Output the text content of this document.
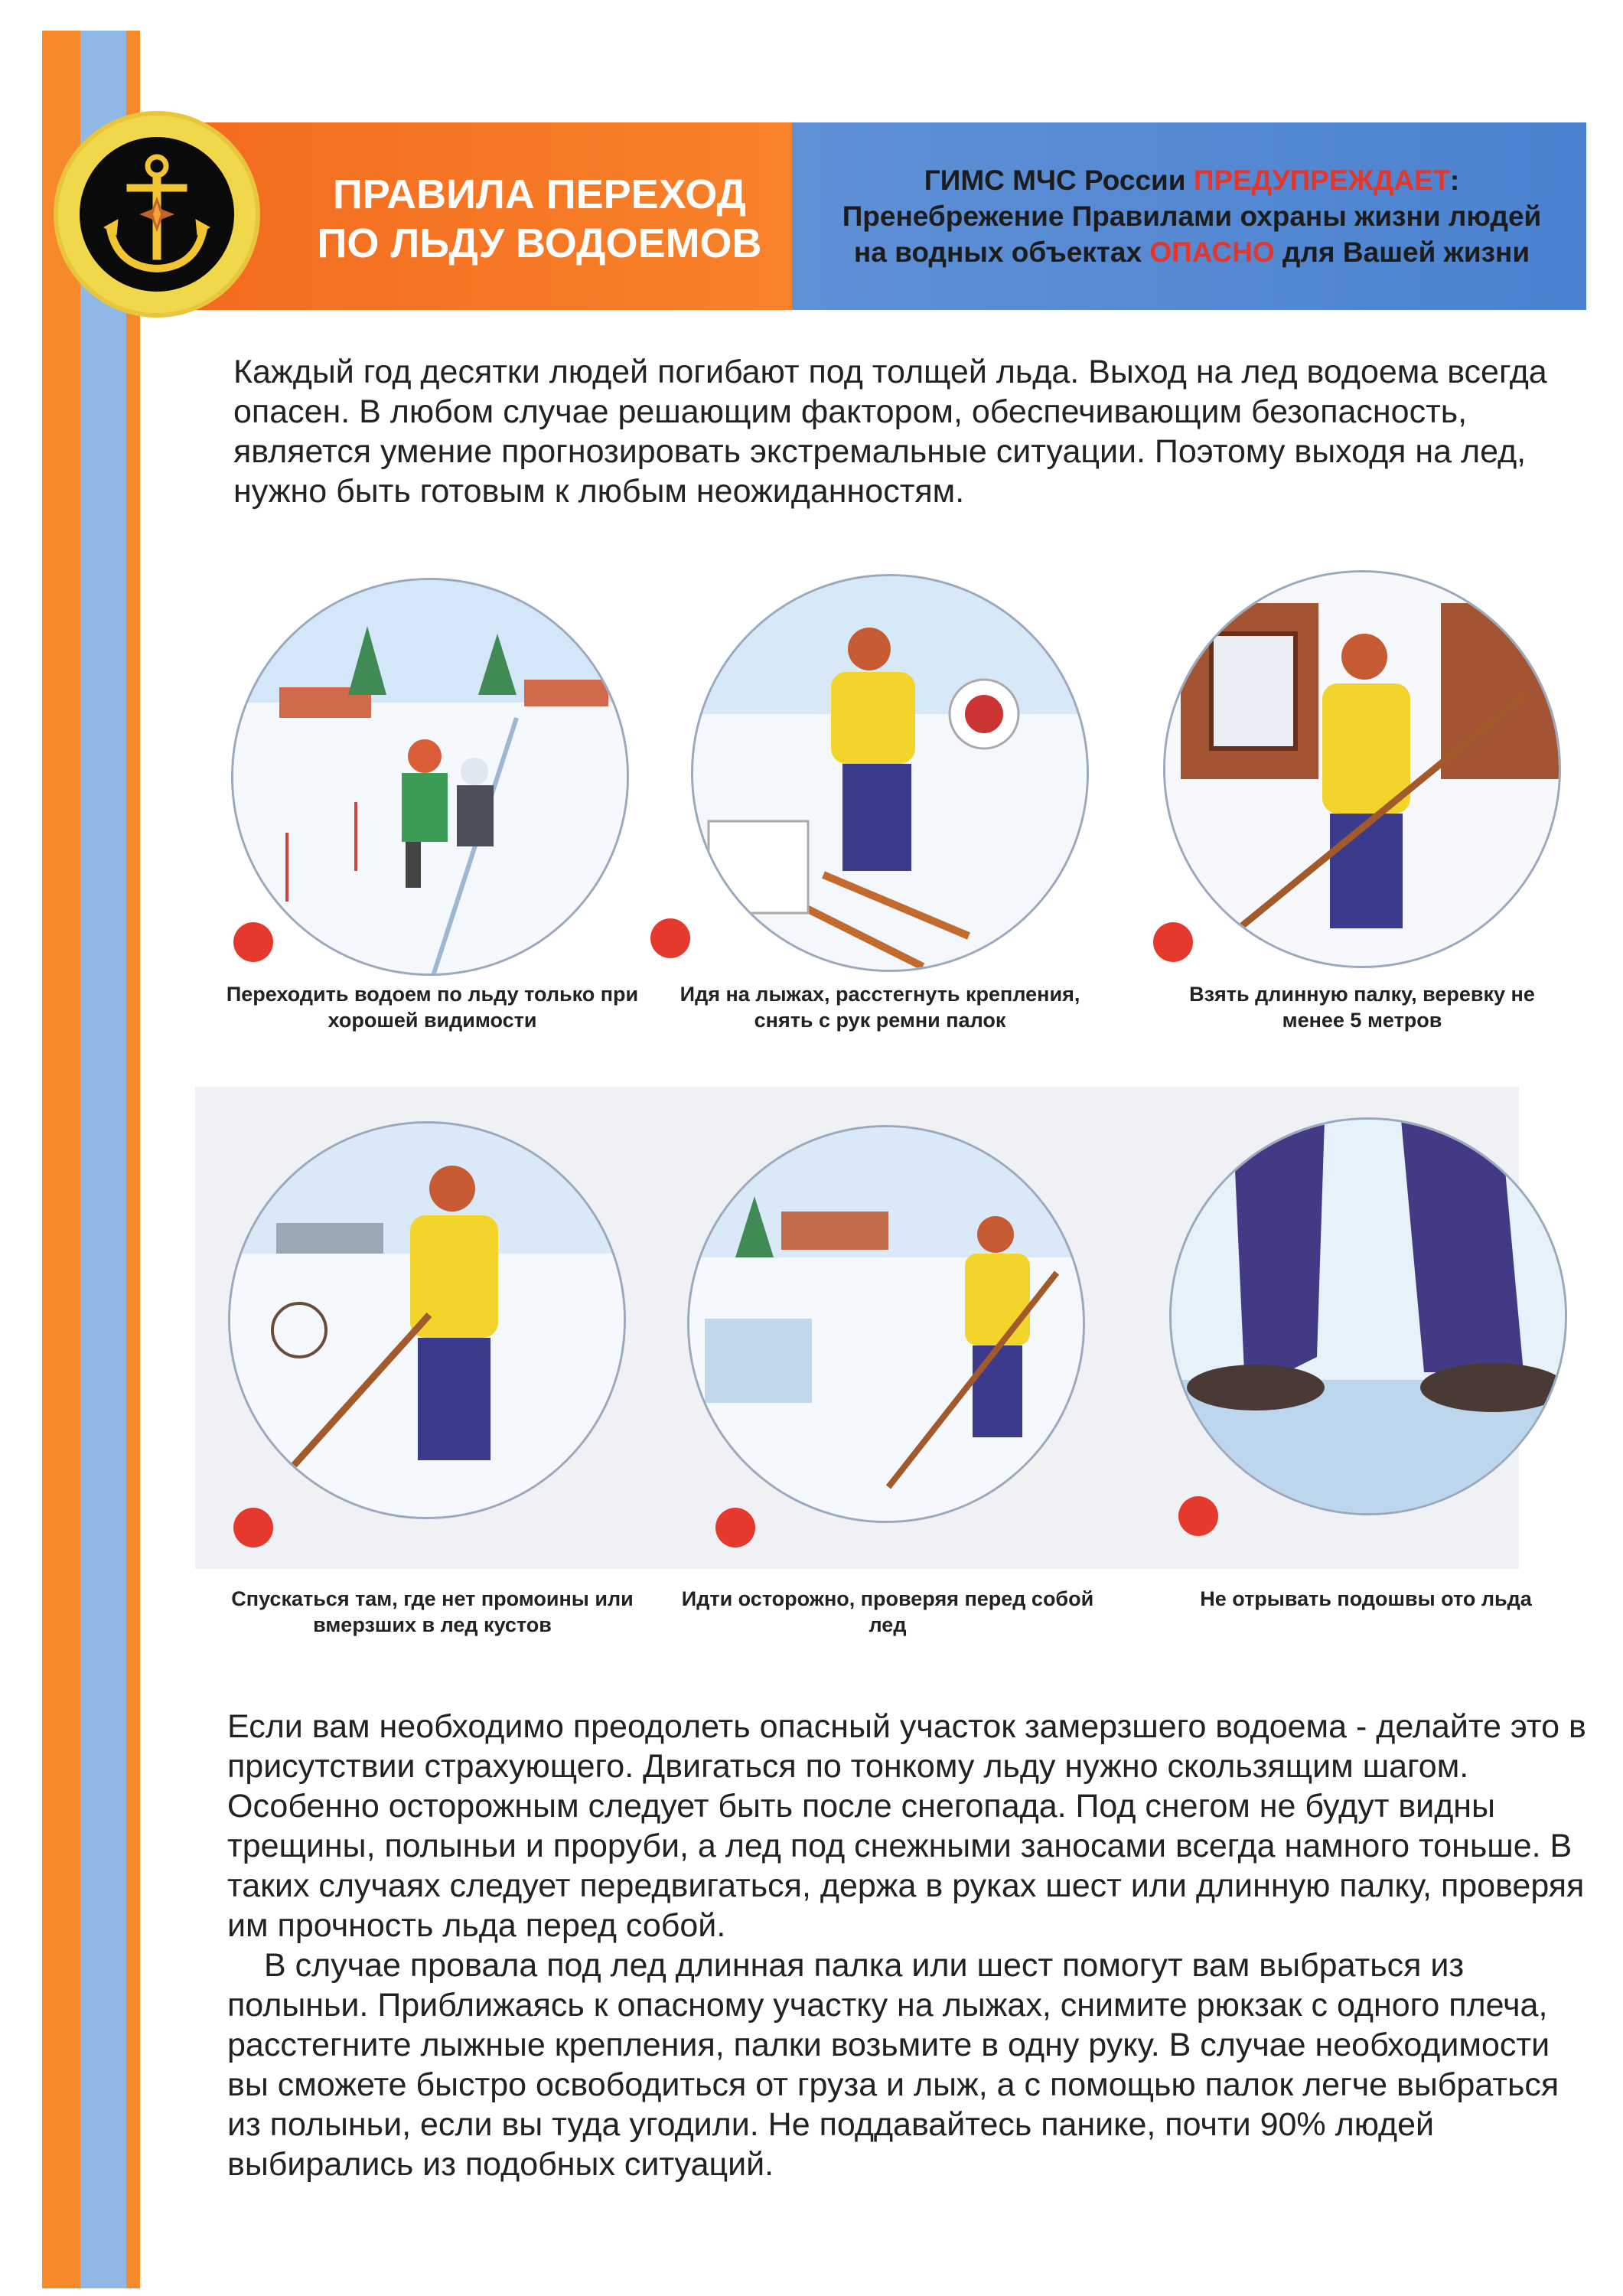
ПРАВИЛА ПЕРЕХОД
ПО ЛЬДУ ВОДОЕМОВ
ГИМС МЧС России ПРЕДУПРЕЖДАЕТ:
Пренебрежение Правилами охраны жизни людей
на водных объектах ОПАСНО для Вашей жизни

Каждый год десятки людей погибают под толщей льда. Выход на лед водоема всегда опасен. В любом случае решающим фактором, обеспечивающим безопасность, является умение прогнозировать экстремальные ситуации. Поэтому выходя на лед, нужно быть готовым к любым неожиданностям.

Переходить водоем по льду только при хорошей видимости
Идя на лыжах, расстегнуть крепления, снять с рук ремни палок
Взять длинную палку, веревку не менее 5 метров
Спускаться там, где нет промоины или вмерзших в лед кустов
Идти осторожно, проверяя перед собой лед
Не отрывать подошвы ото льда

Если вам необходимо преодолеть опасный участок замерзшего водоема - делайте это в присутствии страхующего. Двигаться по тонкому льду нужно скользящим шагом. Особенно осторожным следует быть после снегопада. Под снегом не будут видны трещины, полыньи и проруби, а лед под снежными заносами всегда намного тоньше. В таких случаях следует передвигаться, держа в руках шест или длинную палку, проверяя им прочность льда перед собой.

В случае провала под лед длинная палка или шест помогут вам выбраться из полыньи. Приближаясь к опасному участку на лыжах, снимите рюкзак с одного плеча, расстегните лыжные крепления, палки возьмите в одну руку. В случае необходимости вы сможете быстро освободиться от груза и лыж, а с помощью палок легче выбраться из полыньи, если вы туда угодили. Не поддавайтесь панике, почти 90% людей выбирались из подобных ситуаций.
